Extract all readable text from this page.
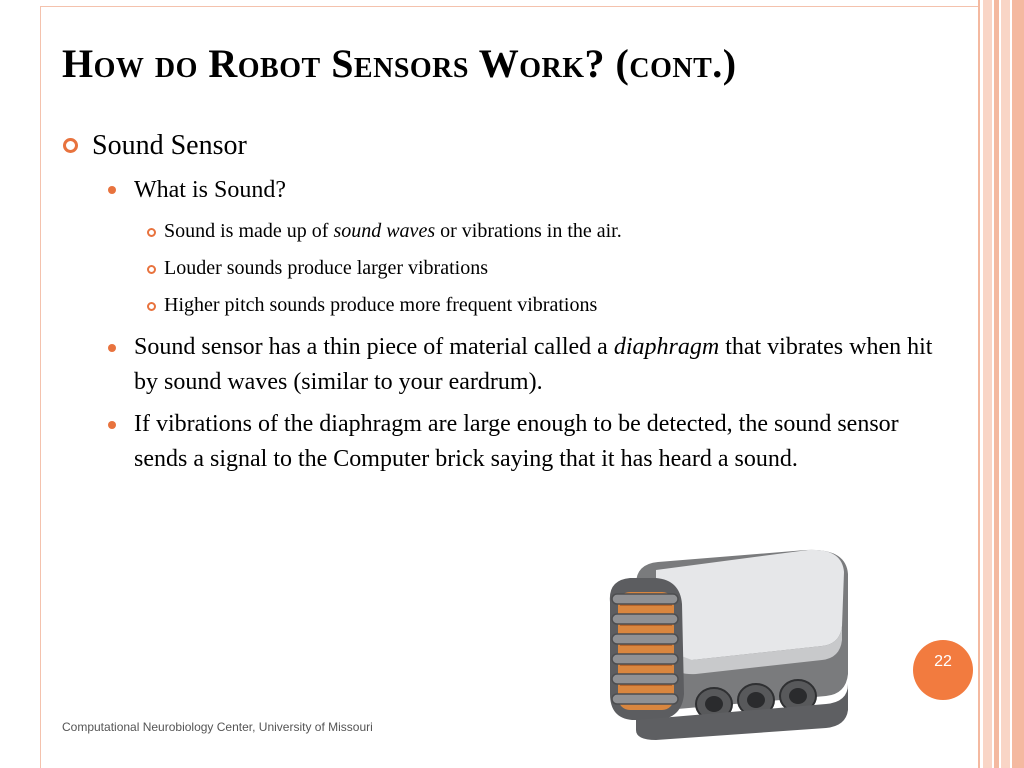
How do Robot Sensors Work? (cont.)
Sound Sensor
What is Sound?
Sound is made up of sound waves or vibrations in the air.
Louder sounds produce larger vibrations
Higher pitch sounds produce more frequent vibrations
Sound sensor has a thin piece of material called a diaphragm that vibrates when hit by sound waves (similar to your eardrum).
If vibrations of the diaphragm are large enough to be detected, the sound sensor sends a signal to the Computer brick saying that it has heard a sound.
22
Computational Neurobiology Center, University of Missouri
